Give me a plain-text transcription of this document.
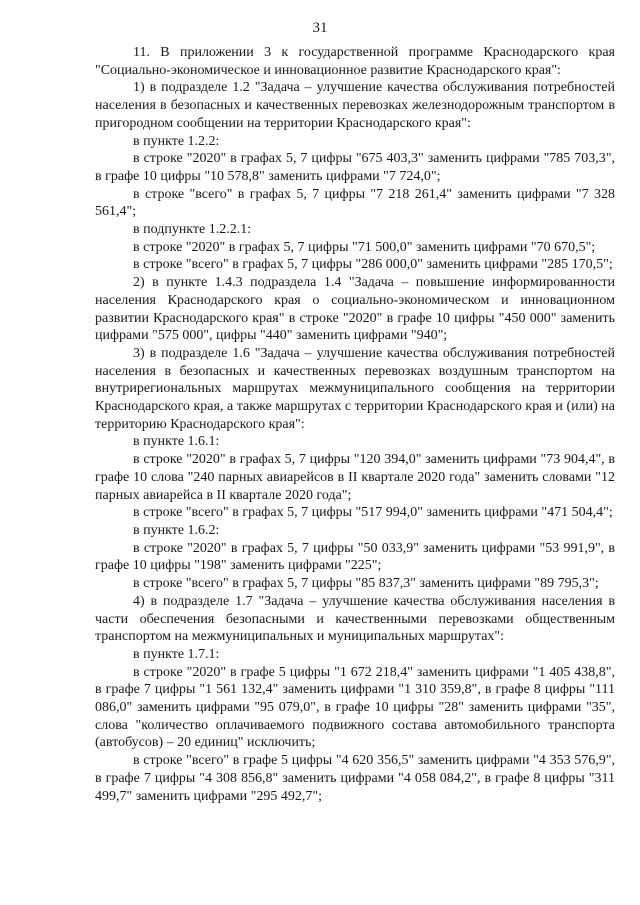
31

11. В приложении 3 к государственной программе Краснодарского края "Социально-экономическое и инновационное развитие Краснодарского края":

1) в подразделе 1.2 "Задача – улучшение качества обслуживания потребностей населения в безопасных и качественных перевозках железнодорожным транспортом в пригородном сообщении на территории Краснодарского края":

в пункте 1.2.2:

в строке "2020" в графах 5, 7 цифры "675 403,3" заменить цифрами "785 703,3", в графе 10 цифры "10 578,8" заменить цифрами "7 724,0";

в строке "всего" в графах 5, 7 цифры "7 218 261,4" заменить цифрами "7 328 561,4";

в подпункте 1.2.2.1:

в строке "2020" в графах 5, 7 цифры "71 500,0" заменить цифрами "70 670,5";

в строке "всего" в графах 5, 7 цифры "286 000,0" заменить цифрами "285 170,5";

2) в пункте 1.4.3 подраздела 1.4 "Задача – повышение информированности населения Краснодарского края о социально-экономическом и инновационном развитии Краснодарского края" в строке "2020" в графе 10 цифры "450 000" заменить цифрами "575 000", цифры "440" заменить цифрами "940";

3) в подразделе 1.6 "Задача – улучшение качества обслуживания потребностей населения в безопасных и качественных перевозках воздушным транспортом на внутрирегиональных маршрутах межмуниципального сообщения на территории Краснодарского края, а также маршрутах с территории Краснодарского края и (или) на территорию Краснодарского края":

в пункте 1.6.1:

в строке "2020" в графах 5, 7 цифры "120 394,0" заменить цифрами "73 904,4", в графе 10 слова "240 парных авиарейсов в II квартале 2020 года" заменить словами "12 парных авиарейса в II квартале 2020 года";

в строке "всего" в графах 5, 7 цифры "517 994,0" заменить цифрами "471 504,4";

в пункте 1.6.2:

в строке "2020" в графах 5, 7 цифры "50 033,9" заменить цифрами "53 991,9", в графе 10 цифры "198" заменить цифрами "225";

в строке "всего" в графах 5, 7 цифры "85 837,3" заменить цифрами "89 795,3";

4) в подразделе 1.7 "Задача – улучшение качества обслуживания населения в части обеспечения безопасными и качественными перевозками общественным транспортом на межмуниципальных и муниципальных маршрутах":

в пункте 1.7.1:

в строке "2020" в графе 5 цифры "1 672 218,4" заменить цифрами "1 405 438,8", в графе 7 цифры "1 561 132,4" заменить цифрами "1 310 359,8", в графе 8 цифры "111 086,0" заменить цифрами "95 079,0", в графе 10 цифры "28" заменить цифрами "35", слова "количество оплачиваемого подвижного состава автомобильного транспорта (автобусов) – 20 единиц" исключить;

в строке "всего" в графе 5 цифры "4 620 356,5" заменить цифрами "4 353 576,9", в графе 7 цифры "4 308 856,8" заменить цифрами "4 058 084,2", в графе 8 цифры "311 499,7" заменить цифрами "295 492,7";
